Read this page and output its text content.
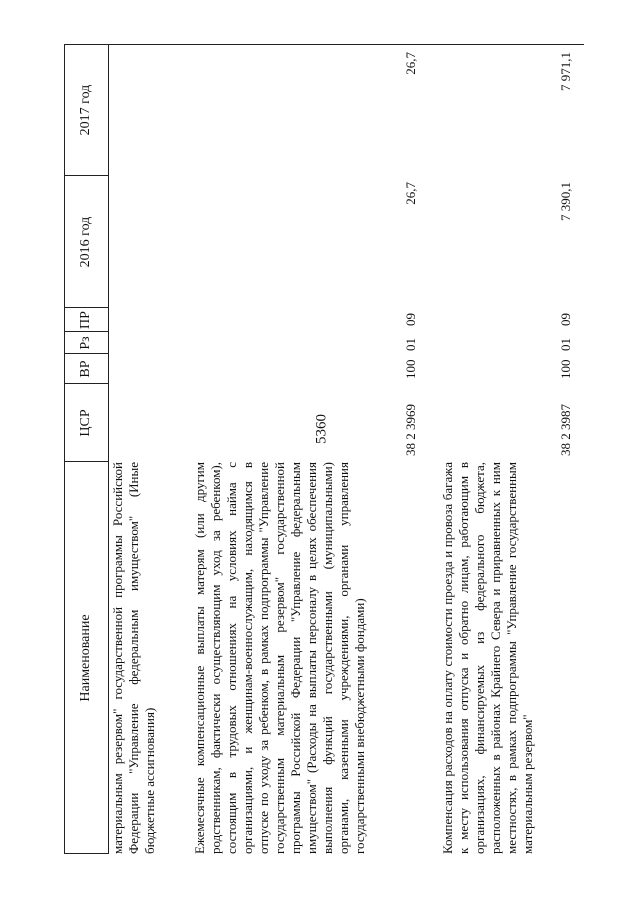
5360
Наименование
ЦСР
ВР
Рз
ПР
2016 год
2017 год
материальным резервом" государственной программы Российской Федерации "Управление федеральным имуществом" (Иные бюджетные ассигнования)	Ежемесячные компенсационные выплаты матерям (или другим родственникам, фактически осуществляющим уход за ребенком), состоящим в трудовых отношениях на условиях найма с организациями, и женщинам-военнослужащим, находящимся в отпуске по уходу за ребенком, в рамках подпрограммы "Управление государственным материальным резервом" государственной программы Российской Федерации "Управление федеральным имуществом" (Расходы на выплаты персоналу в целях обеспечения выполнения функций государственными (муниципальными) органами, казенными учреждениями, органами управления государственными внебюджетными фондами)
38 2 3969
100
01
09
26,7
26,7
Компенсация расходов на оплату стоимости проезда и провоза багажа к месту использования отпуска и обратно лицам, работающим в организациях, финансируемых из федерального бюджета, расположенных в районах Крайнего Севера и приравненных к ним местностях, в рамках подпрограммы "Управление государственным материальным резервом"
38 2 3987
100
01
09
7 390,1
7 971,1
